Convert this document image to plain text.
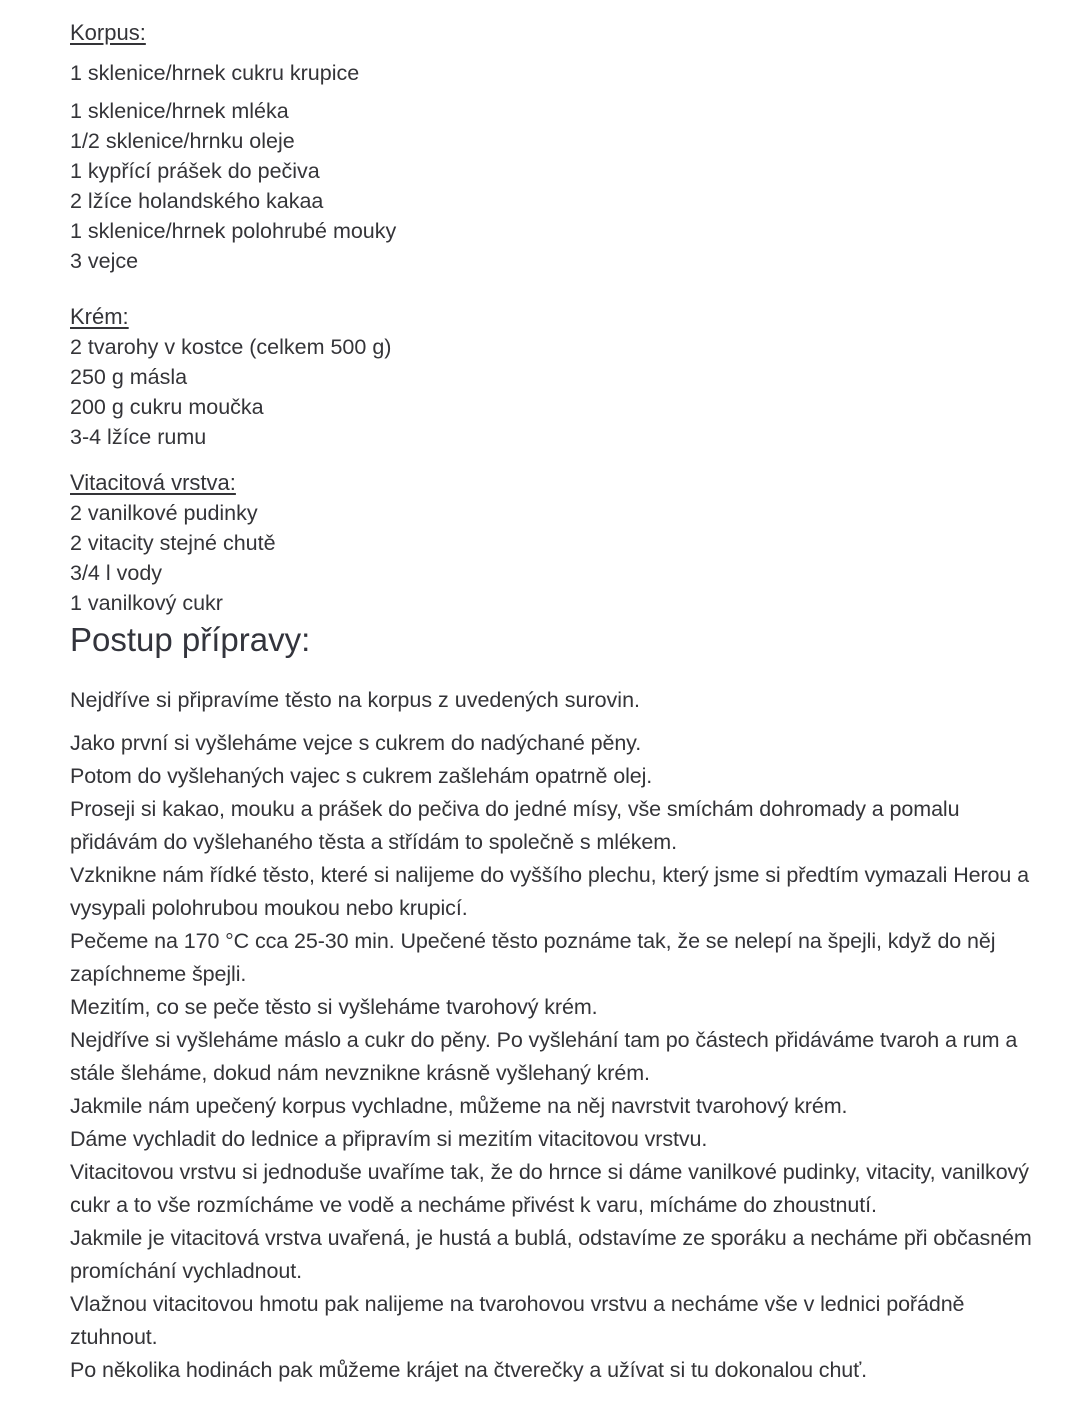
Korpus:

1 sklenice/hrnek cukru krupice

1 sklenice/hrnek mléka

1/2 sklenice/hrnku oleje

1 kypřící prášek do pečiva

2 lžíce holandského kakaa

1 sklenice/hrnek polohrubé mouky

3 vejce

Krém:

2 tvarohy v kostce (celkem 500 g)

250 g másla

200 g cukru moučka

3-4 lžíce rumu

Vitacitová vrstva:

2 vanilkové pudinky

2 vitacity stejné chutě

3/4 l vody

1 vanilkový cukr

Postup přípravy:

Nejdříve si připravíme těsto na korpus z uvedených surovin.

Jako první si vyšleháme vejce s cukrem do nadýchané pěny.

Potom do vyšlehaných vajec s cukrem zašlehám opatrně olej.

Proseji si kakao, mouku a prášek do pečiva do jedné mísy, vše smíchám dohromady a pomalu přidávám do vyšlehaného těsta a střídám to společně s mlékem.

Vzknikne nám řídké těsto, které si nalijeme do vyššího plechu, který jsme si předtím vymazali Herou a vysypali polohrubou moukou nebo krupicí.

Pečeme na 170 °C cca 25-30 min. Upečené těsto poznáme tak, že se nelepí na špejli, když do něj zapíchneme špejli.

Mezitím, co se peče těsto si vyšleháme tvarohový krém.

Nejdříve si vyšleháme máslo a cukr do pěny. Po vyšlehání tam po částech přidáváme tvaroh a rum a stále šleháme, dokud nám nevznikne krásně vyšlehaný krém.

Jakmile nám upečený korpus vychladne, můžeme na něj navrstvit tvarohový krém.

Dáme vychladit do lednice a připravím si mezitím vitacitovou vrstvu.

Vitacitovou vrstvu si jednoduše uvaříme tak, že do hrnce si dáme vanilkové pudinky, vitacity, vanilkový cukr a to vše rozmícháme ve vodě a necháme přivést k varu, mícháme do zhoustnutí.

Jakmile je vitacitová vrstva uvařená, je hustá a bublá, odstavíme ze sporáku a necháme při občasném promíchání vychladnout.

Vlažnou vitacitovou hmotu pak nalijeme na tvarohovou vrstvu a necháme vše v lednici pořádně ztuhnout.

Po několika hodinách pak můžeme krájet na čtverečky a užívat si tu dokonalou chuť.
